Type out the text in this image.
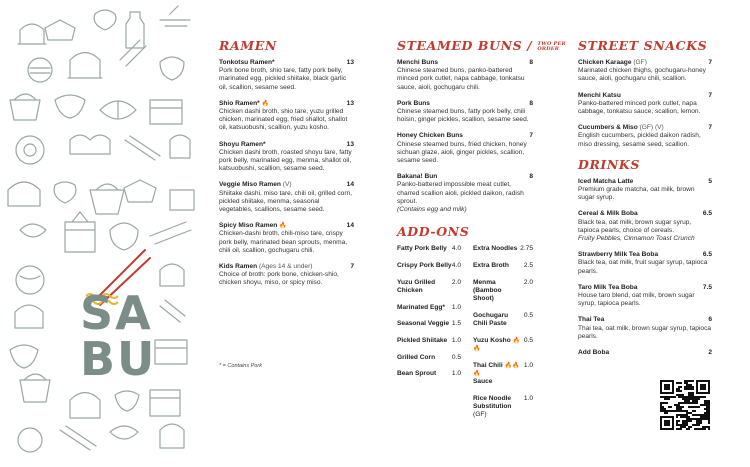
SA
BU
RAMEN
Tonkotsu Ramen*	13
Pork bone broth, shio tare, fatty pork belly, marinated egg, pickled shiitake, black garlic oil, scallion, sesame seed.
Shio Ramen* 🔥	13
Chicken dashi broth, shio tare, yuzu grilled chicken, marinated egg, fried shallot, shallot oil, katsuobushi, scallion, yuzu kosho.
Shoyu Ramen*	13
Chicken dashi broth, roasted shoyu tare, fatty pork belly, marinated egg, menma, shallot oil, katsuobushi, scallion, sesame seed.
Veggie Miso Ramen (V)	14
Shiitake dashi, miso tare, chili oil, grilled corn, pickled shiitake, menma, seasonal vegetables, scallions, sesame seed.
Spicy Miso Ramen 🔥	14
Chicken-dashi broth, chili-miso tare, crispy pork belly, marinated bean sprouts, menma, chili oil, scallion, gochugaru chili.
Kids Ramen (Ages 14 & under)	7
Choice of broth: pork bone, chicken-shio, chicken shoyu, miso, or spicy miso.
* = Contains Pork
STEAMED BUNS / TWO PER
ORDER
Menchi Buns	8
Chinese steamed buns, panko-battered minced pork cutlet, napa cabbage, tonkatsu sauce, aioli, gochugaru chili.
Pork Buns	8
Chinese steamed buns, fatty pork belly, chili hoisin, ginger pickles, scallion, sesame seed.
Honey Chicken Buns	7
Chinese steamed buns, fried chicken, honey sichuan glaze, aioli, ginger pickles, scallion, sesame seed.
Bakana! Bun	8
Panko-battered impossible meat cutlet, charred scallion aioli, pickled daikon, radish sprout.
(Contains egg and milk)
ADD-ONS
Fatty Pork Belly 4.0
Crispy Pork Belly 4.0
Yuzu Grilled Chicken
2.0
Marinated Egg* 1.0
Seasonal Veggie 1.5
Pickled Shiitake 1.0
Grilled Corn	0.5
Bean Sprout 1.0
Extra Noodles 2.75
Extra Broth 2.5
Menma (Bamboo Shoot)
2.0
Gochugaru Chili Paste
0.5
Yuzu Kosho 🔥🔥
0.5
Thai Chili 🔥🔥🔥
Sauce
1.0
Rice Noodle Substitution (GF)
1.0
STREET SNACKS
Chicken Karaage (GF)	7
Marinated chicken thighs, gochugaru-honey sauce, aioli, gochugaru chili, scallion.
Menchi Katsu	7
Panko-battered minced pork cutlet, napa cabbage, tonkatsu sauce, scallion, lemon.
Cucumbers & Miso (GF) (V)	7
English cucumbers, pickled daikon radish, miso dressing, sesame seed, scallion.
DRINKS
Iced Matcha Latte	5
Premium grade matcha, oat milk, brown sugar syrup.
Cereal & Milk Boba	6.5
Black tea, oat milk, brown sugar syrup, tapioca pearls, choice of cereals.
Fruity Pebbles, Cinnamon Toast Crunch
Strawberry Milk Tea Boba	6.5
Black tea, oat milk, fruit sugar syrup, tapioca pearls.
Taro Milk Tea Boba	7.5
House taro blend, oat milk, brown sugar syrup, tapioca pearls.
Thai Tea	6
Thai tea, oat milk, brown sugar syrup, tapioca pearls.
Add Boba	2
